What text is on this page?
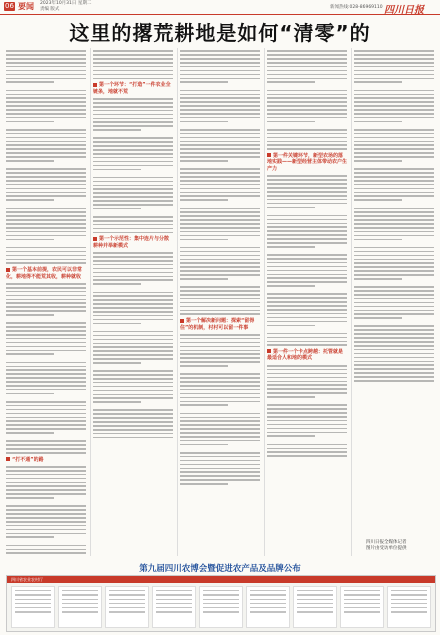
06 要闻 2023年10月31日 星期二
责编 版式	新闻热线:028-86969110 四川日报
这里的撂荒耕地是如何“清零”的
第一个基本前提，农民可以非常 化，耕地得不能荒其收，耕种就收
“打不通”的路
第一个环节：“打造”一件农业全链条，地就不荒
第一个示范性：集中连片与分散耕种并举新模式
第一个解决新问题：探索“留得住”的机制，村村可以留一件事
第一件关键环节，新型农场的落地实践——新型经营主体带动农户生产力
第一件一个卡点跨越：托管就是最适合人和地的模式
四川日报全媒体记者
图片由受访单位提供
第九届四川农博会暨促进农产品及品牌公布
四川省农业农村厅
